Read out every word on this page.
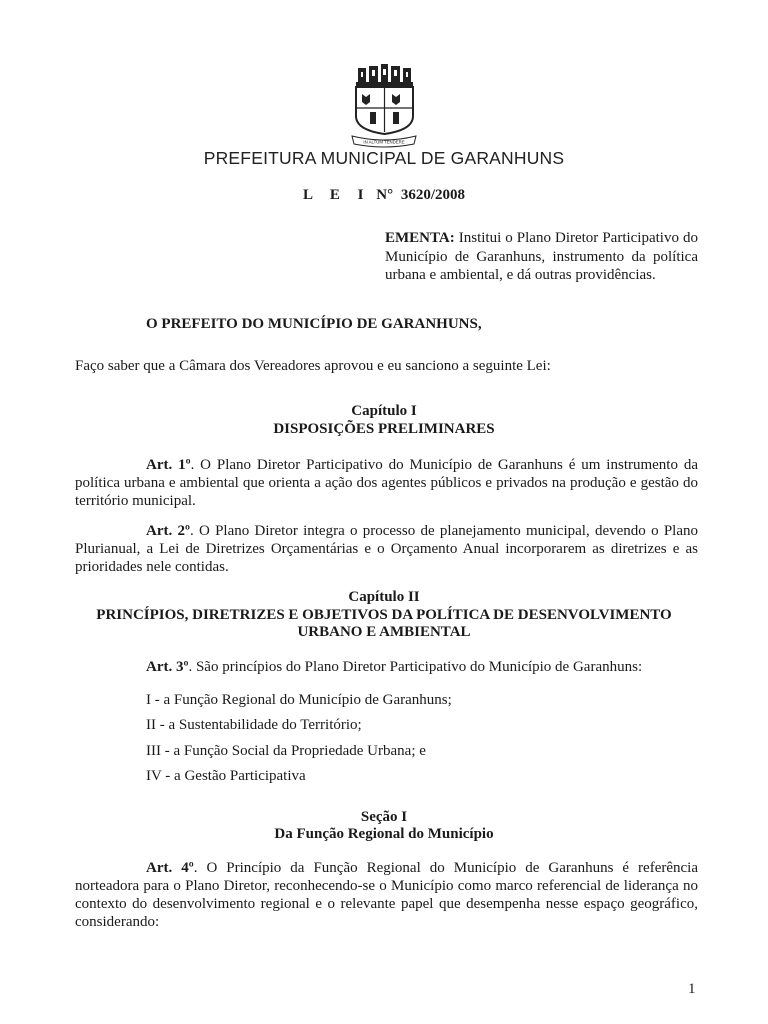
IN ALTUM TENDERE
PREFEITURA MUNICIPAL DE GARANHUNS
L E I N° 3620/2008
EMENTA: Institui o Plano Diretor Participativo do Município de Garanhuns, instrumento da política urbana e ambiental, e dá outras providências.
O PREFEITO DO MUNICÍPIO DE GARANHUNS,
Faço saber que a Câmara dos Vereadores aprovou e eu sanciono a seguinte Lei:
Capítulo I
DISPOSIÇÕES PRELIMINARES
Art. 1º. O Plano Diretor Participativo do Município de Garanhuns é um instrumento da política urbana e ambiental que orienta a ação dos agentes públicos e privados na produção e gestão do território municipal.
Art. 2º. O Plano Diretor integra o processo de planejamento municipal, devendo o Plano Plurianual, a Lei de Diretrizes Orçamentárias e o Orçamento Anual incorporarem as diretrizes e as prioridades nele contidas.
Capítulo II
PRINCÍPIOS, DIRETRIZES E OBJETIVOS DA POLÍTICA DE DESENVOLVIMENTO
URBANO E AMBIENTAL
Art. 3º. São princípios do Plano Diretor Participativo do Município de Garanhuns:
I - a Função Regional do Município de Garanhuns;
II - a Sustentabilidade do Território;
III - a Função Social da Propriedade Urbana; e
IV - a Gestão Participativa
Seção I
Da Função Regional do Município
Art. 4º. O Princípio da Função Regional do Município de Garanhuns é referência norteadora para o Plano Diretor, reconhecendo-se o Município como marco referencial de liderança no contexto do desenvolvimento regional e o relevante papel que desempenha nesse espaço geográfico, considerando:
1
